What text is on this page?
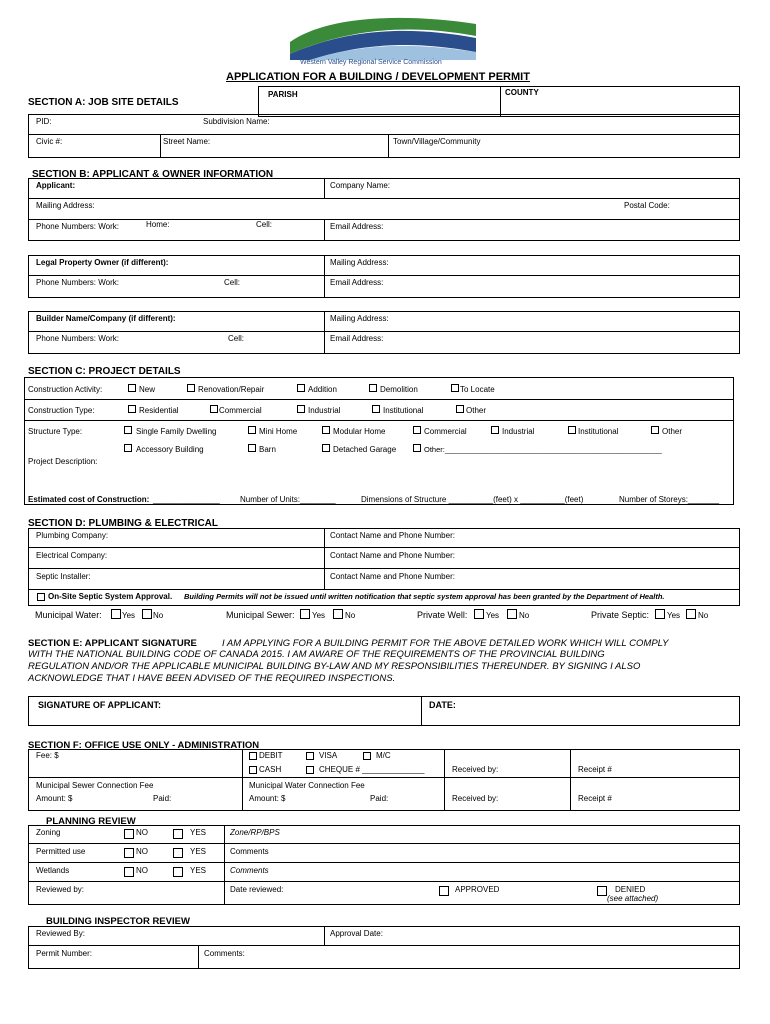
Western Valley Regional Service Commission
APPLICATION FOR A BUILDING / DEVELOPMENT PERMIT
PARISH	COUNTY
SECTION A: JOB SITE DETAILS
PID:	Subdivision Name:
Civic #:	Street Name:	Town/Village/Community
SECTION B: APPLICANT & OWNER INFORMATION
Applicant:	Company Name:
Mailing Address:	Postal Code:
Phone Numbers: Work:	Home:	Cell:	Email Address:
Legal Property Owner (if different):	Mailing Address:
Phone Numbers: Work:	Cell:	Email Address:
Builder Name/Company (if different):	Mailing Address:
Phone Numbers: Work:	Cell:	Email Address:
SECTION C: PROJECT DETAILS
Construction Activity:	New	Renovation/Repair	Addition	Demolition	To Locate
Construction Type:	Residential	Commercial	Industrial	Institutional	Other
Structure Type:	Single Family Dwelling	Mini Home	Modular Home	Commercial	Industrial	Institutional	Other
Accessory Building	Barn	Detached Garage	Other:____________________________________________________
Project Description:
Estimated cost of Construction: _______________	Number of Units:________	Dimensions of Structure __________(feet) x __________(feet)	Number of Storeys:_______
SECTION D: PLUMBING & ELECTRICAL
Plumbing Company:	Contact Name and Phone Number:
Electrical Company:	Contact Name and Phone Number:
Septic Installer:	Contact Name and Phone Number:
On-Site Septic System Approval. Building Permits will not be issued until written notification that septic system approval has been granted by the Department of Health.
Municipal Water:	Yes No	Municipal Sewer: Yes No	Private Well: Yes No	Private Septic: Yes No
SECTION E: APPLICANT SIGNATURE	I AM APPLYING FOR A BUILDING PERMIT FOR THE ABOVE DETAILED WORK WHICH WILL COMPLY
WITH THE NATIONAL BUILDING CODE OF CANADA 2015. I AM AWARE OF THE REQUIREMENTS OF THE PROVINCIAL BUILDING
REGULATION AND/OR THE APPLICABLE MUNICIPAL BUILDING BY-LAW AND MY RESPONSIBILITIES THEREUNDER. BY SIGNING I ALSO
ACKNOWLEDGE THAT I HAVE BEEN ADVISED OF THE REQUIRED INSPECTIONS.
SIGNATURE OF APPLICANT:	DATE:
SECTION F: OFFICE USE ONLY - ADMINISTRATION
Fee: $	DEBIT	VISA	M/C
CASH	CHEQUE # ______________	Received by:	Receipt #
Municipal Sewer Connection Fee	Municipal Water Connection Fee
Amount: $	Paid:	Amount: $	Paid:	Received by:	Receipt #
PLANNING REVIEW
Zoning	NO	YES	Zone/RP/BPS
Permitted use	NO	YES	Comments
Wetlands	NO	YES	Comments
Reviewed by:	Date reviewed:	APPROVED	DENIED
(see attached)
BUILDING INSPECTOR REVIEW
Reviewed By:	Approval Date:
Permit Number:	Comments:
